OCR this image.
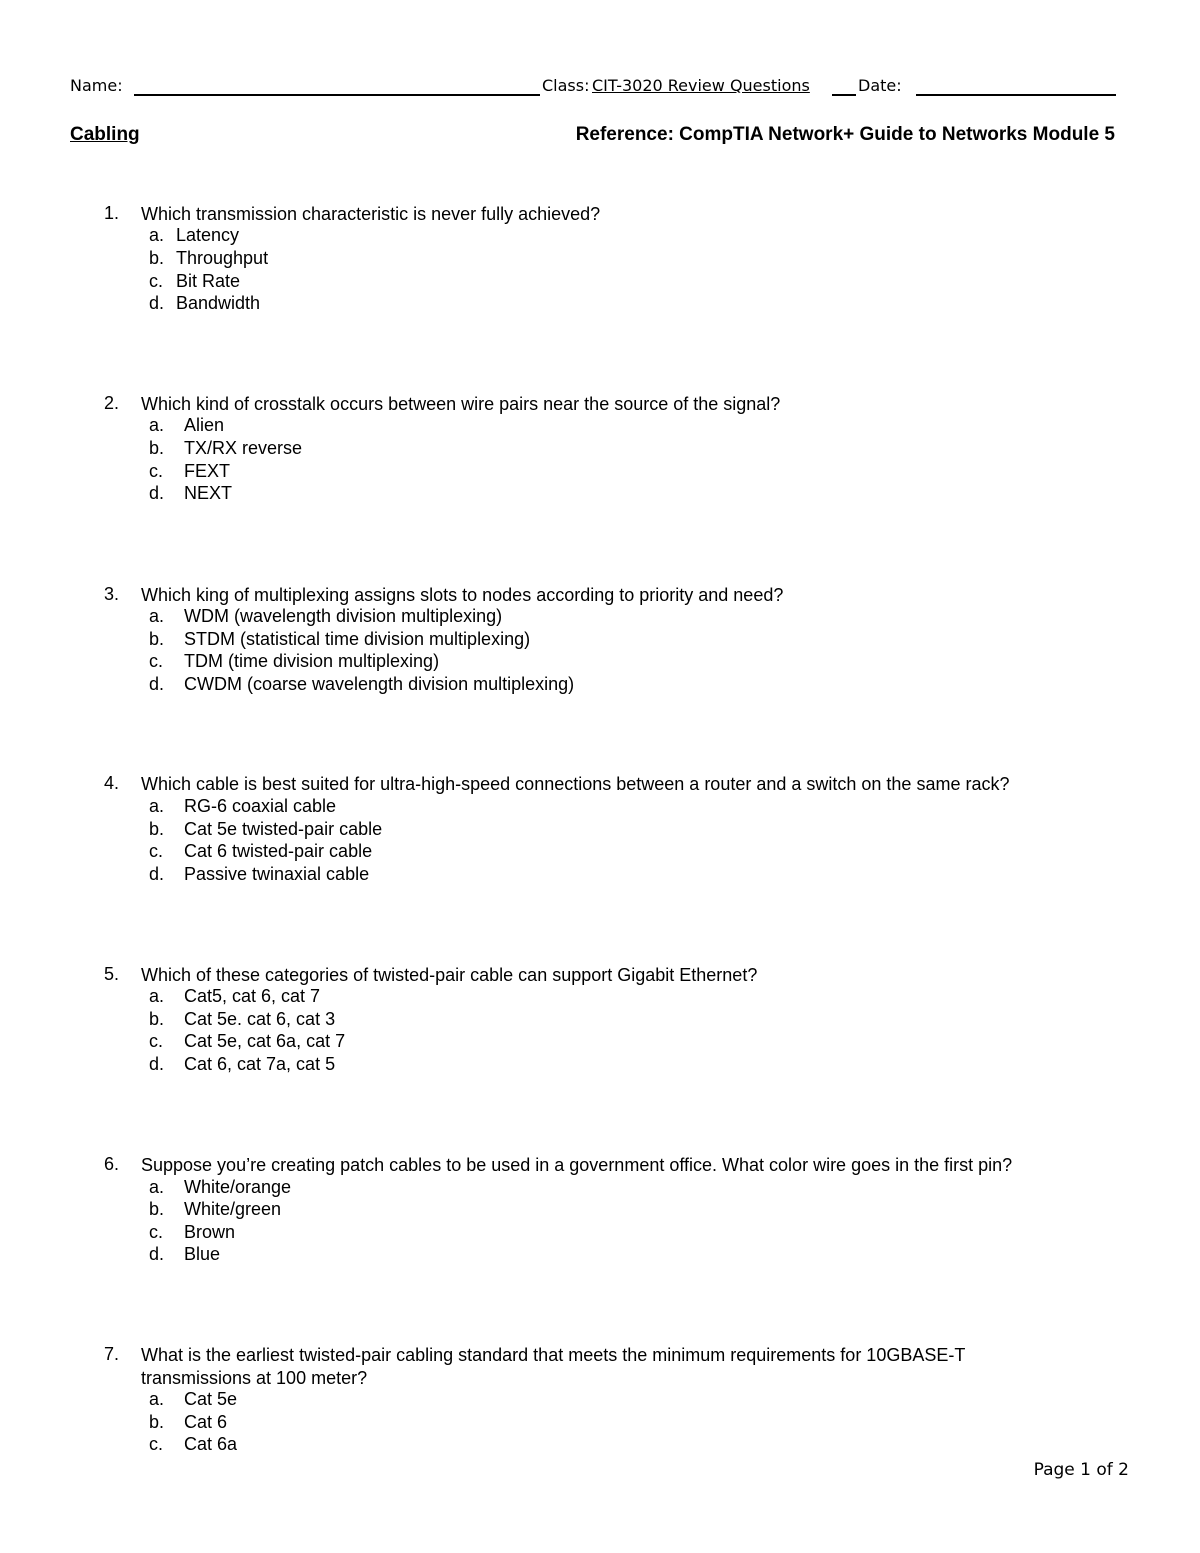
Name:	Class: CIT-3020 Review Questions	Date:
Cabling	Reference: CompTIA Network+ Guide to Networks Module 5
1. Which transmission characteristic is never fully achieved?
a. Latency
b. Throughput
c. Bit Rate
d. Bandwidth
2. Which kind of crosstalk occurs between wire pairs near the source of the signal?
a. Alien
b. TX/RX reverse
c. FEXT
d. NEXT
3. Which king of multiplexing assigns slots to nodes according to priority and need?
a. WDM (wavelength division multiplexing)
b. STDM (statistical time division multiplexing)
c. TDM (time division multiplexing)
d. CWDM (coarse wavelength division multiplexing)
4. Which cable is best suited for ultra-high-speed connections between a router and a switch on the same rack?
a. RG-6 coaxial cable
b. Cat 5e twisted-pair cable
c. Cat 6 twisted-pair cable
d. Passive twinaxial cable
5. Which of these categories of twisted-pair cable can support Gigabit Ethernet?
a. Cat5, cat 6, cat 7
b. Cat 5e. cat 6, cat 3
c. Cat 5e, cat 6a, cat 7
d. Cat 6, cat 7a, cat 5
6. Suppose you’re creating patch cables to be used in a government office. What color wire goes in the first pin?
a. White/orange
b. White/green
c. Brown
d. Blue
7. What is the earliest twisted-pair cabling standard that meets the minimum requirements for 10GBASE-T transmissions at 100 meter?
a. Cat 5e
b. Cat 6
c. Cat 6a
Page 1 of 2
